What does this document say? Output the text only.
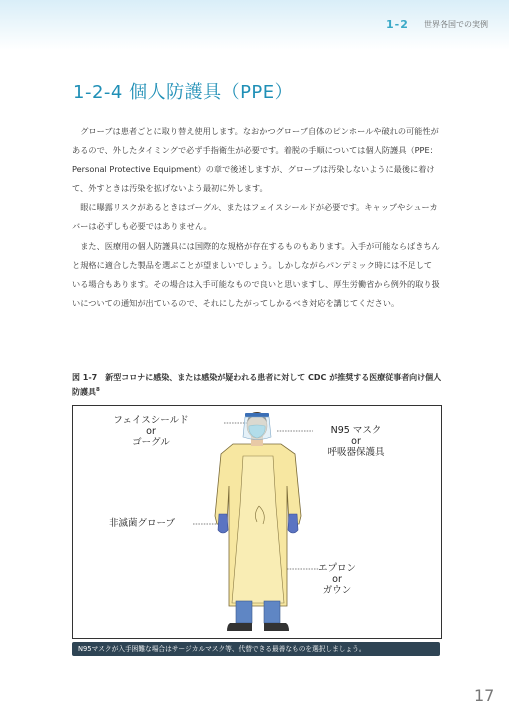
1-2 世界各国での実例
1-2-4 個人防護具（PPE）

グローブは患者ごとに取り替え使用します。なおかつグローブ自体のピンホールや破れの可能性があるので、外したタイミングで必ず手指衛生が必要です。着脱の手順については個人防護具（PPE：Personal Protective Equipment）の章で後述しますが、グローブは汚染しないように最後に着けて、外すときは汚染を拡げないよう最初に外します。

眼に曝露リスクがあるときはゴーグル、またはフェイスシールドが必要です。キャップやシューカバーは必ずしも必要ではありません。

また、医療用の個人防護具には国際的な規格が存在するものもあります。入手が可能ならばきちんと規格に適合した製品を選ぶことが望ましいでしょう。しかしながらパンデミック時には不足している場合もあります。その場合は入手可能なもので良いと思いますし、厚生労働省から例外的取り扱いについての通知が出ているので、それにしたがってしかるべき対応を講じてください。

図 1-7　新型コロナに感染、または感染が疑われる患者に対して CDC が推奨する医療従事者向け個人防護具$^8$
フェイスシールド
or
ゴーグル
N95 マスク
or
呼吸器保護具
非滅菌グローブ
エプロン
or
ガウン
N95マスクが入手困難な場合はサージカルマスク等、代替できる最善なものを選択しましょう。
17
